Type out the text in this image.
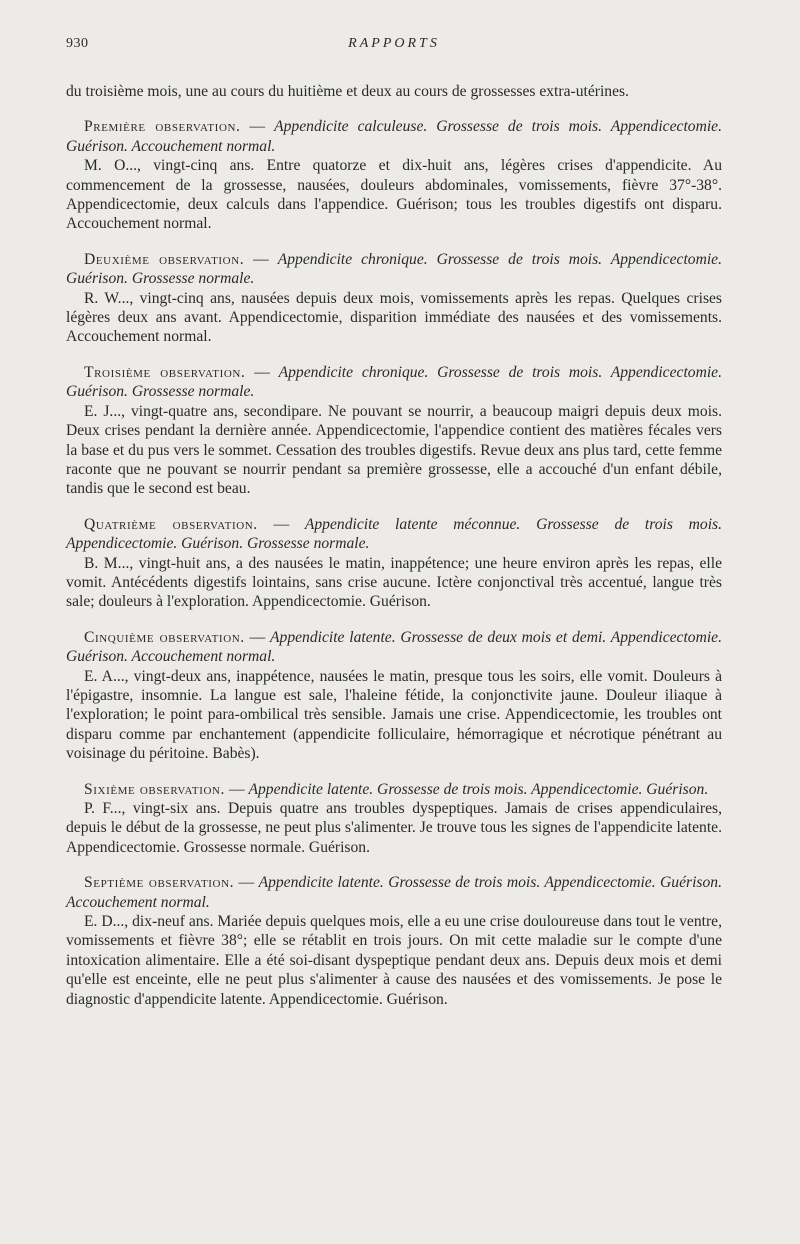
930	RAPPORTS

du troisième mois, une au cours du huitième et deux au cours de grossesses extra-utérines.

Première observation. — Appendicite calculeuse. Grossesse de trois mois. Appendicectomie. Guérison. Accouchement normal.

M. O..., vingt-cinq ans. Entre quatorze et dix-huit ans, légères crises d'appendicite. Au commencement de la grossesse, nausées, douleurs abdominales, vomissements, fièvre 37°-38°. Appendicectomie, deux calculs dans l'appendice. Guérison; tous les troubles digestifs ont disparu. Accouchement normal.

Deuxième observation. — Appendicite chronique. Grossesse de trois mois. Appendicectomie. Guérison. Grossesse normale.

R. W..., vingt-cinq ans, nausées depuis deux mois, vomissements après les repas. Quelques crises légères deux ans avant. Appendicectomie, disparition immédiate des nausées et des vomissements. Accouchement normal.

Troisième observation. — Appendicite chronique. Grossesse de trois mois. Appendicectomie. Guérison. Grossesse normale.

E. J..., vingt-quatre ans, secondipare. Ne pouvant se nourrir, a beaucoup maigri depuis deux mois. Deux crises pendant la dernière année. Appendicectomie, l'appendice contient des matières fécales vers la base et du pus vers le sommet. Cessation des troubles digestifs. Revue deux ans plus tard, cette femme raconte que ne pouvant se nourrir pendant sa première grossesse, elle a accouché d'un enfant débile, tandis que le second est beau.

Quatrième observation. — Appendicite latente méconnue. Grossesse de trois mois. Appendicectomie. Guérison. Grossesse normale.

B. M..., vingt-huit ans, a des nausées le matin, inappétence; une heure environ après les repas, elle vomit. Antécédents digestifs lointains, sans crise aucune. Ictère conjonctival très accentué, langue très sale; douleurs à l'exploration. Appendicectomie. Guérison.

Cinquième observation. — Appendicite latente. Grossesse de deux mois et demi. Appendicectomie. Guérison. Accouchement normal.

E. A..., vingt-deux ans, inappétence, nausées le matin, presque tous les soirs, elle vomit. Douleurs à l'épigastre, insomnie. La langue est sale, l'haleine fétide, la conjonctivite jaune. Douleur iliaque à l'exploration; le point para-ombilical très sensible. Jamais une crise. Appendicectomie, les troubles ont disparu comme par enchantement (appendicite folliculaire, hémorragique et nécrotique pénétrant au voisinage du péritoine. Babès).

Sixième observation. — Appendicite latente. Grossesse de trois mois. Appendicectomie. Guérison.

P. F..., vingt-six ans. Depuis quatre ans troubles dyspeptiques. Jamais de crises appendiculaires, depuis le début de la grossesse, ne peut plus s'alimenter. Je trouve tous les signes de l'appendicite latente. Appendicectomie. Grossesse normale. Guérison.

Septième observation. — Appendicite latente. Grossesse de trois mois. Appendicectomie. Guérison. Accouchement normal.

E. D..., dix-neuf ans. Mariée depuis quelques mois, elle a eu une crise douloureuse dans tout le ventre, vomissements et fièvre 38°; elle se rétablit en trois jours. On mit cette maladie sur le compte d'une intoxication alimentaire. Elle a été soi-disant dyspeptique pendant deux ans. Depuis deux mois et demi qu'elle est enceinte, elle ne peut plus s'alimenter à cause des nausées et des vomissements. Je pose le diagnostic d'appendicite latente. Appendicectomie. Guérison.
